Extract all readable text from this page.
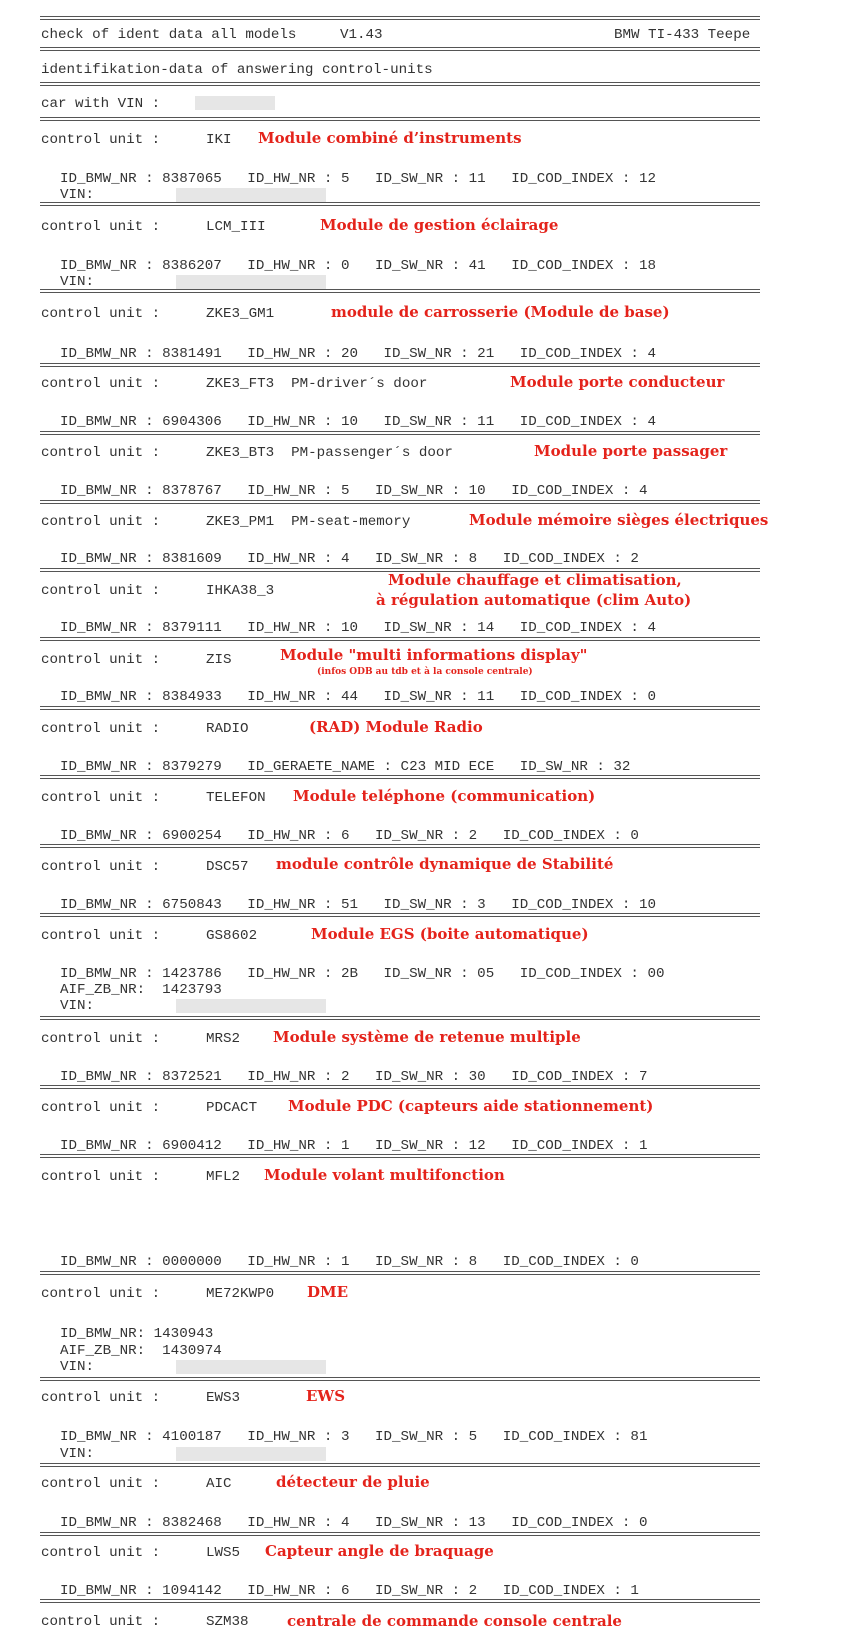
check of ident data all models	V1.43	BMW TI-433 Teepe
identifikation-data of answering control-units
car with VIN :
control unit :	IKI Module combiné d’instruments
ID_BMW_NR : 8387065   ID_HW_NR : 5   ID_SW_NR : 11   ID_COD_INDEX : 12
VIN:
control unit :	LCM_III	Module de gestion éclairage
ID_BMW_NR : 8386207   ID_HW_NR : 0   ID_SW_NR : 41   ID_COD_INDEX : 18
VIN:
control unit :	ZKE3_GM1	module de carrosserie (Module de base)
ID_BMW_NR : 8381491   ID_HW_NR : 20   ID_SW_NR : 21   ID_COD_INDEX : 4
control unit :	ZKE3_FT3  PM-driver´s door	Module porte conducteur
ID_BMW_NR : 6904306   ID_HW_NR : 10   ID_SW_NR : 11   ID_COD_INDEX : 4
control unit :	ZKE3_BT3  PM-passenger´s door	Module porte passager
ID_BMW_NR : 8378767   ID_HW_NR : 5   ID_SW_NR : 10   ID_COD_INDEX : 4
control unit :	ZKE3_PM1  PM-seat-memory	Module mémoire sièges électriques
ID_BMW_NR : 8381609   ID_HW_NR : 4   ID_SW_NR : 8   ID_COD_INDEX : 2
control unit :	IHKA38_3
Module chauffage et climatisation,
à régulation automatique (clim Auto)
ID_BMW_NR : 8379111   ID_HW_NR : 10   ID_SW_NR : 14   ID_COD_INDEX : 4
control unit :	ZIS	Module "multi informations display"
(infos ODB au tdb et à la console centrale)
ID_BMW_NR : 8384933   ID_HW_NR : 44   ID_SW_NR : 11   ID_COD_INDEX : 0
control unit :	RADIO	(RAD) Module Radio
ID_BMW_NR : 8379279   ID_GERAETE_NAME : C23 MID ECE   ID_SW_NR : 32
control unit :	TELEFON Module teléphone (communication)
ID_BMW_NR : 6900254   ID_HW_NR : 6   ID_SW_NR : 2   ID_COD_INDEX : 0
control unit :	DSC57 module contrôle dynamique de Stabilité
ID_BMW_NR : 6750843   ID_HW_NR : 51   ID_SW_NR : 3   ID_COD_INDEX : 10
control unit :	GS8602	Module EGS (boite automatique)
ID_BMW_NR : 1423786   ID_HW_NR : 2B   ID_SW_NR : 05   ID_COD_INDEX : 00
AIF_ZB_NR:  1423793
VIN:
control unit :	MRS2 Module système de retenue multiple
ID_BMW_NR : 8372521   ID_HW_NR : 2   ID_SW_NR : 30   ID_COD_INDEX : 7
control unit :	PDCACT Module PDC (capteurs aide stationnement)
ID_BMW_NR : 6900412   ID_HW_NR : 1   ID_SW_NR : 12   ID_COD_INDEX : 1
control unit :	MFL2 Module volant multifonction
ID_BMW_NR : 0000000   ID_HW_NR : 1   ID_SW_NR : 8   ID_COD_INDEX : 0
control unit :	ME72KWP0 DME
ID_BMW_NR: 1430943
AIF_ZB_NR:  1430974
VIN:
control unit :	EWS3	EWS
ID_BMW_NR : 4100187   ID_HW_NR : 3   ID_SW_NR : 5   ID_COD_INDEX : 81
VIN:
control unit :	AIC	détecteur de pluie
ID_BMW_NR : 8382468   ID_HW_NR : 4   ID_SW_NR : 13   ID_COD_INDEX : 0
control unit :	LWS5 Capteur angle de braquage
ID_BMW_NR : 1094142   ID_HW_NR : 6   ID_SW_NR : 2   ID_COD_INDEX : 1
control unit :	SZM38	centrale de commande console centrale
